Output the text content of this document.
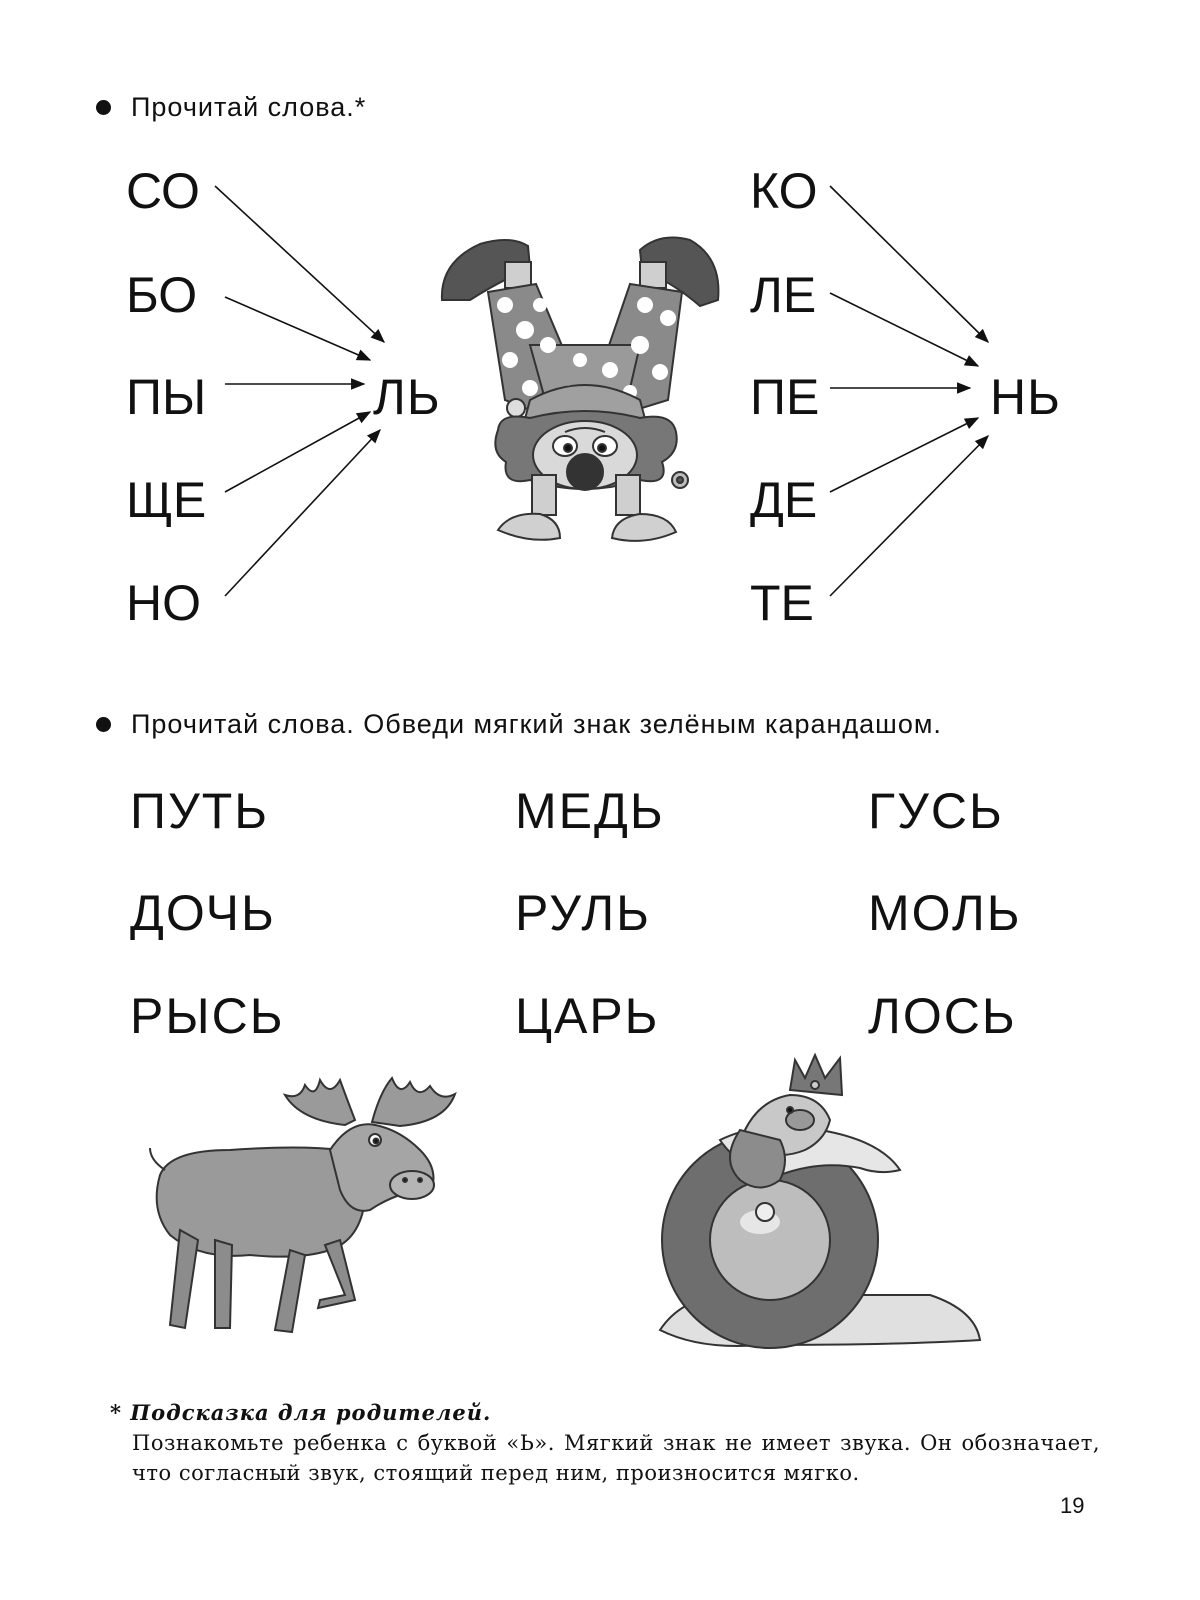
Прочитай слова.*
СО
БО
ПЫ
ЩЕ
НО
ЛЬ
КО
ЛЕ
ПЕ
ДЕ
ТЕ
НЬ
Прочитай слова. Обведи мягкий знак зелёным карандашом.
ПУТЬ	МЕДЬ	ГУСЬ
ДОЧЬ	РУЛЬ	МОЛЬ
РЫСЬ	ЦАРЬ	ЛОСЬ
* Подсказка для родителей.
Познакомьте ребенка с буквой «Ь». Мягкий знак не имеет звука. Он обозначает, что согласный звук, стоящий перед ним, произносится мягко.
19
